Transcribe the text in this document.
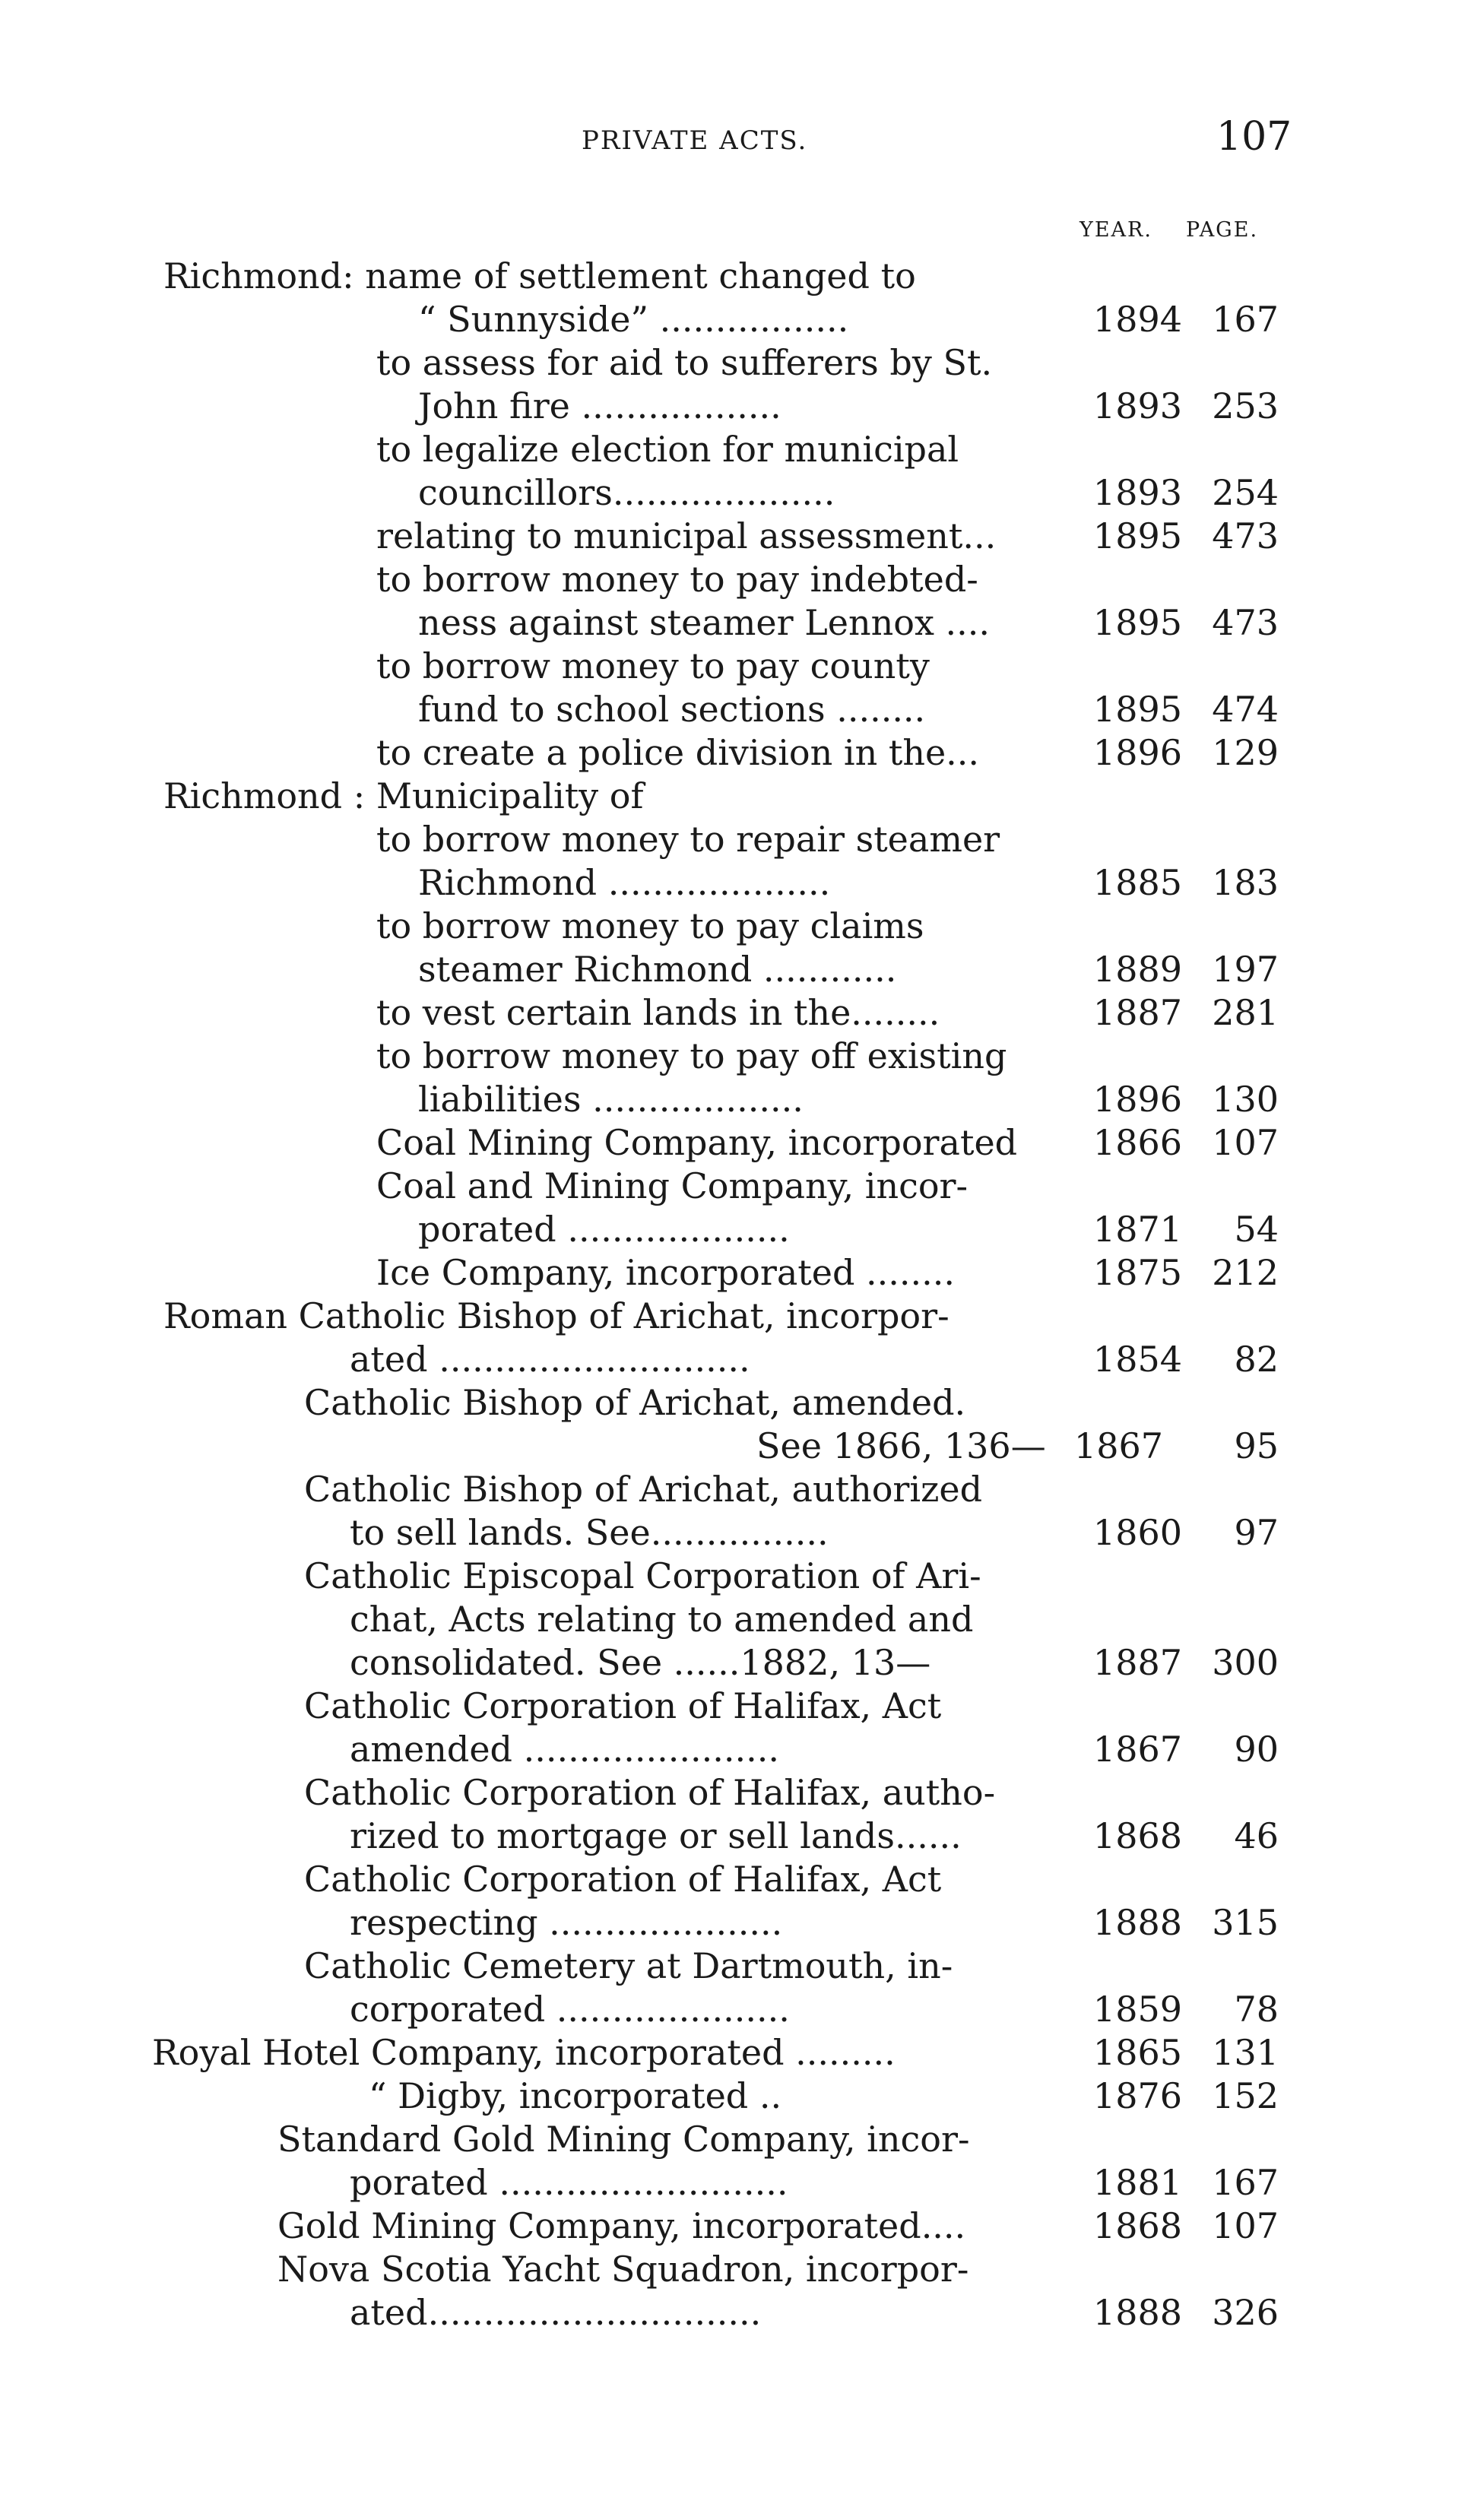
PRIVATE ACTS.	107
YEAR. PAGE.
Richmond: name of settlement changed to
“ Sunnyside” .................	1894 167
to assess for aid to sufferers by St.
John fire ..................	1893 253
to legalize election for municipal
councillors....................	1893 254
relating to municipal assessment...	1895 473
to borrow money to pay indebted-
ness against steamer Lennox ....	1895 473
to borrow money to pay county
fund to school sections ........	1895 474
to create a police division in the...	1896 129
Richmond : Municipality of
to borrow money to repair steamer
Richmond ....................	1885 183
to borrow money to pay claims
steamer Richmond ............	1889 197
to vest certain lands in the........	1887 281
to borrow money to pay off existing
liabilities ...................	1896 130
Coal Mining Company, incorporated 1866 107
Coal and Mining Company, incor-
porated ....................	1871 54
Ice Company, incorporated ........	1875 212
Roman Catholic Bishop of Arichat, incorpor-
ated ............................	1854 82
Catholic Bishop of Arichat, amended.
See 1866, 136— 1867 95
Catholic Bishop of Arichat, authorized
to sell lands. See................	1860 97
Catholic Episcopal Corporation of Ari-
chat, Acts relating to amended and
consolidated. See ......1882, 13—	1887 300
Catholic Corporation of Halifax, Act
amended .......................	1867 90
Catholic Corporation of Halifax, autho-
rized to mortgage or sell lands......	1868 46
Catholic Corporation of Halifax, Act
respecting .....................	1888 315
Catholic Cemetery at Dartmouth, in-
corporated .....................	1859 78
Royal Hotel Company, incorporated .........	1865 131
“ Digby, incorporated ..	1876 152
Standard Gold Mining Company, incor-
porated ..........................	1881 167
Gold Mining Company, incorporated....	1868 107
Nova Scotia Yacht Squadron, incorpor-
ated..............................	1888 326
